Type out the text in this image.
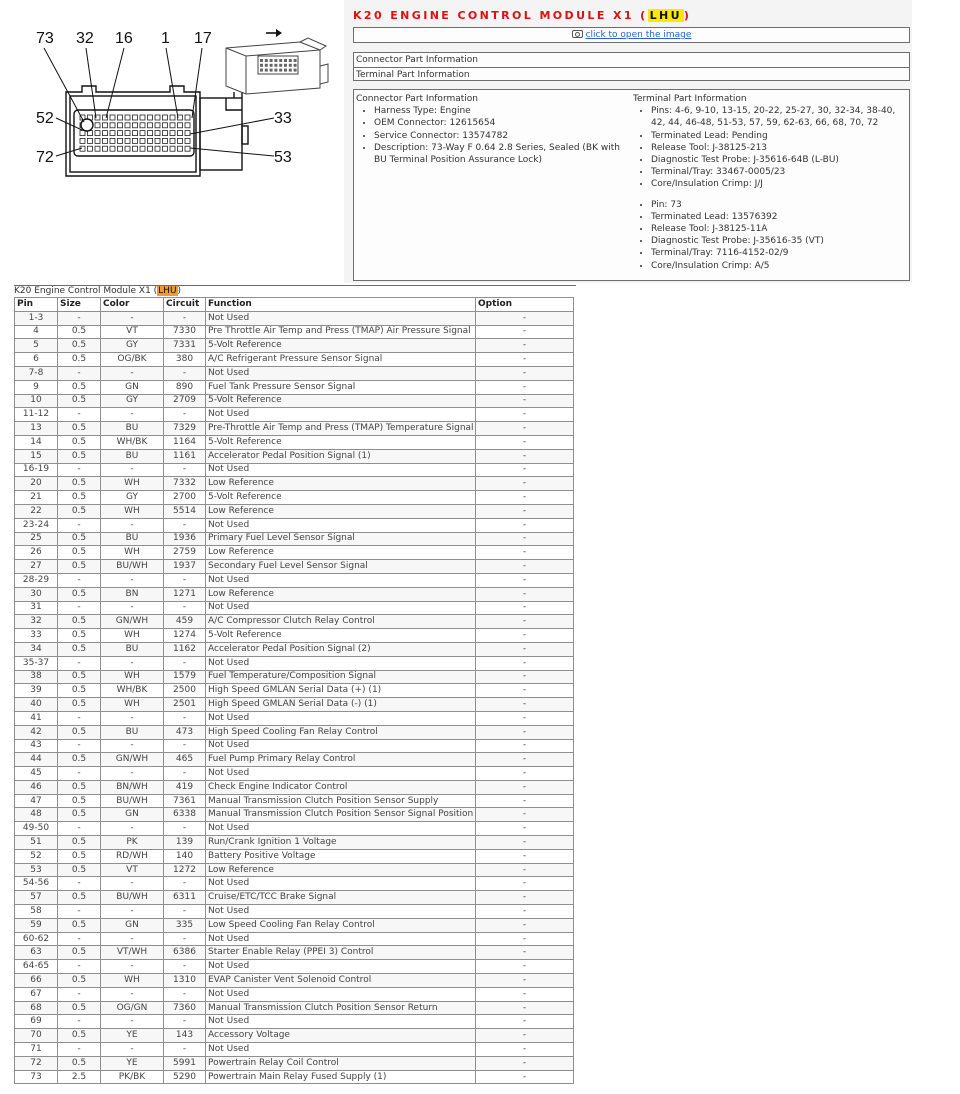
73 32 16 1 17
52
72
33
53
K20 ENGINE CONTROL MODULE X1 ( LHU )
click to open the image
Connector Part Information
Terminal Part Information

Connector Part Information

• Harness Type: Engine
• OEM Connector: 12615654
• Service Connector: 13574782
• Description: 73-Way F 0.64 2.8 Series, Sealed (BK with BU Terminal Position Assurance Lock)

Terminal Part Information

• Pins: 4-6, 9-10, 13-15, 20-22, 25-27, 30, 32-34, 38-40, 42, 44, 46-48, 51-53, 57, 59, 62-63, 66, 68, 70, 72
• Terminated Lead: Pending
• Release Tool: J-38125-213
• Diagnostic Test Probe: J-35616-64B (L-BU)
• Terminal/Tray: 33467-0005/23
• Core/Insulation Crimp: J/J
• Pin: 73
• Terminated Lead: 13576392
• Release Tool: J-38125-11A
• Diagnostic Test Probe: J-35616-35 (VT)
• Terminal/Tray: 7116-4152-02/9
• Core/Insulation Crimp: A/5
K20 Engine Control Module X1 (LHU)
Pin	Size	Color	Circuit	Function	Option
1-3	-	-	-	Not Used	-
4	0.5	VT	7330	Pre Throttle Air Temp and Press (TMAP) Air Pressure Signal	-
5	0.5	GY	7331	5-Volt Reference	-
6	0.5	OG/BK	380	A/C Refrigerant Pressure Sensor Signal	-
7-8	-	-	-	Not Used	-
9	0.5	GN	890	Fuel Tank Pressure Sensor Signal	-
10	0.5	GY	2709	5-Volt Reference	-
11-12	-	-	-	Not Used	-
13	0.5	BU	7329	Pre-Throttle Air Temp and Press (TMAP) Temperature Signal	-
14	0.5	WH/BK	1164	5-Volt Reference	-
15	0.5	BU	1161	Accelerator Pedal Position Signal (1)	-
16-19	-	-	-	Not Used	-
20	0.5	WH	7332	Low Reference	-
21	0.5	GY	2700	5-Volt Reference	-
22	0.5	WH	5514	Low Reference	-
23-24	-	-	-	Not Used	-
25	0.5	BU	1936	Primary Fuel Level Sensor Signal	-
26	0.5	WH	2759	Low Reference	-
27	0.5	BU/WH	1937	Secondary Fuel Level Sensor Signal	-
28-29	-	-	-	Not Used	-
30	0.5	BN	1271	Low Reference	-
31	-	-	-	Not Used	-
32	0.5	GN/WH	459	A/C Compressor Clutch Relay Control	-
33	0.5	WH	1274	5-Volt Reference	-
34	0.5	BU	1162	Accelerator Pedal Position Signal (2)	-
35-37	-	-	-	Not Used	-
38	0.5	WH	1579	Fuel Temperature/Composition Signal	-
39	0.5	WH/BK	2500	High Speed GMLAN Serial Data (+) (1)	-
40	0.5	WH	2501	High Speed GMLAN Serial Data (-) (1)	-
41	-	-	-	Not Used	-
42	0.5	BU	473	High Speed Cooling Fan Relay Control	-
43	-	-	-	Not Used	-
44	0.5	GN/WH	465	Fuel Pump Primary Relay Control	-
45	-	-	-	Not Used	-
46	0.5	BN/WH	419	Check Engine Indicator Control	-
47	0.5	BU/WH	7361	Manual Transmission Clutch Position Sensor Supply	-
48	0.5	GN	6338	Manual Transmission Clutch Position Sensor Signal Position	-
49-50	-	-	-	Not Used	-
51	0.5	PK	139	Run/Crank Ignition 1 Voltage	-
52	0.5	RD/WH	140	Battery Positive Voltage	-
53	0.5	VT	1272	Low Reference	-
54-56	-	-	-	Not Used	-
57	0.5	BU/WH	6311	Cruise/ETC/TCC Brake Signal	-
58	-	-	-	Not Used	-
59	0.5	GN	335	Low Speed Cooling Fan Relay Control	-
60-62	-	-	-	Not Used	-
63	0.5	VT/WH	6386	Starter Enable Relay (PPEI 3) Control	-
64-65	-	-	-	Not Used	-
66	0.5	WH	1310	EVAP Canister Vent Solenoid Control	-
67	-	-	-	Not Used	-
68	0.5	OG/GN	7360	Manual Transmission Clutch Position Sensor Return	-
69	-	-	-	Not Used	-
70	0.5	YE	143	Accessory Voltage	-
71	-	-	-	Not Used	-
72	0.5	YE	5991	Powertrain Relay Coil Control	-
73	2.5	PK/BK	5290	Powertrain Main Relay Fused Supply (1)	-
